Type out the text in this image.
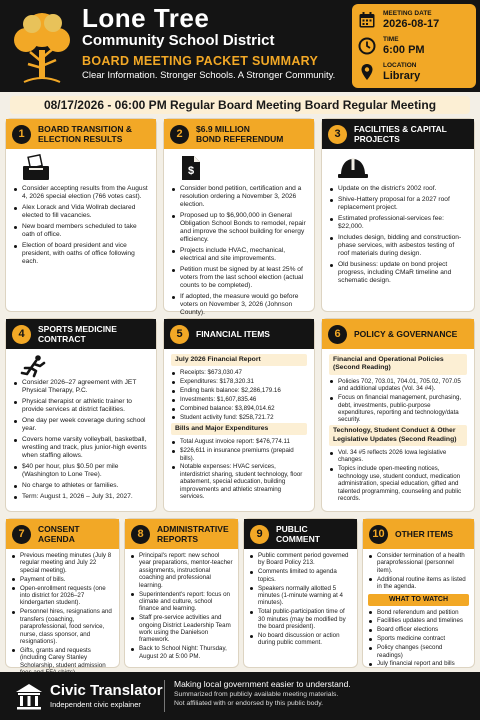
Lone Tree
Community School District
BOARD MEETING PACKET SUMMARY
Clear Information. Stronger Schools. A Stronger Community.
MEETING DATE
2026-08-17
TIME
6:00 PM
LOCATION
Library
08/17/2026 - 06:00 PM Regular Board Meeting Board Regular Meeting
1	BOARD TRANSITION &
ELECTION RESULTS
Consider accepting results from the August 4, 2026 special election (766 votes cast).
Alex Lorack and Vida Wollrab declared elected to fill vacancies.
New board members scheduled to take oath of office.
Election of board president and vice president, with oaths of office following each.
2	$6.9 MILLION
BOND REFERENDUM
$
Consider bond petition, certification and a resolution ordering a November 3, 2026 election.
Proposed up to $6,900,000 in General Obligation School Bonds to remodel, repair and improve the school building for energy efficiency.
Projects include HVAC, mechanical, electrical and site improvements.
Petition must be signed by at least 25% of voters from the last school election (actual counts to be completed).
If adopted, the measure would go before voters on November 3, 2026 (Johnson County).
3	FACILITIES & CAPITAL PROJECTS
Update on the district's 2002 roof.
Shive-Hattery proposal for a 2027 roof replacement project.
Estimated professional-services fee: $22,000.
Includes design, bidding and construction-phase services, with asbestos testing of roof materials during design.
Old business: update on bond project progress, including CMaR timeline and schematic design.
4	SPORTS MEDICINE CONTRACT
Consider 2026–27 agreement with JET Physical Therapy, P.C.
Physical therapist or athletic trainer to provide services at district facilities.
One day per week coverage during school year.
Covers home varsity volleyball, basketball, wrestling and track, plus junior-high events when staffing allows.
$40 per hour, plus $0.50 per mile (Washington to Lone Tree).
No charge to athletes or families.
Term: August 1, 2026 – July 31, 2027.
5	FINANCIAL ITEMS
July 2026 Financial Report
Receipts: $673,030.47
Expenditures: $178,320.31
Ending bank balance: $2,286,179.16
Investments: $1,607,835.46
Combined balance: $3,894,014.62
Student activity fund: $258,721.72
Bills and Major Expenditures
Total August invoice report: $476,774.11
$226,611 in insurance premiums (prepaid bills).
Notable expenses: HVAC services, interdistrict sharing, student technology, floor abatement, special education, building improvements and athletic streaming services.
6	POLICY & GOVERNANCE
Financial and Operational Policies
(Second Reading)
Policies 702, 703.01, 704.01, 705.02, 707.05 and additional updates (Vol. 34 #4).
Focus on financial management, purchasing, debt, investments, public-purpose expenditures, reporting and technology/data security.
Technology, Student Conduct & Other
Legislative Updates (Second Reading)
Vol. 34 #5 reflects 2026 Iowa legislative changes.
Topics include open-meeting notices, technology use, student conduct, medication administration, special education, gifted and talented programming, counseling and public records.
7	CONSENT AGENDA
Previous meeting minutes (July 8 regular meeting and July 22 special meeting).
Payment of bills.
Open-enrollment requests (one into district for 2026–27 kindergarten student).
Personnel hires, resignations and transfers (coaching, paraprofessional, food service, nurse, class sponsor, and resignations).
Gifts, grants and requests (including Carey Stanley Scholarship, student admission
8	ADMINISTRATIVE REPORTS
Principal's report: new school year preparations, mentor-teacher assignments, instructional coaching and professional learning.
Superintendent's report: focus on climate and culture, school finance and learning.
Staff pre-service activities and ongoing District Leadership Team work using the Danielson framework.
Back to School Night: Thursday, August 20 at 5:00 PM.
9	PUBLIC COMMENT
Public comment period governed by Board Policy 213.
Comments limited to agenda topics.
Speakers normally allotted 5 minutes (1-minute warning at 4 minutes).
Total public-participation time of 30 minutes (may be modified by the board president).
No board discussion or action during public comment.
10	OTHER ITEMS
Consider termination of a health paraprofessional (personnel item).
Additional routine items as listed in the agenda.
WHAT TO WATCH
Bond referendum and petition
Facilities updates and timelines
Board officer elections
Sports medicine contract
Policy changes (second readings)
July financial report and bills
Civic Translator
Independent civic explainer
Making local government easier to understand.
Summarized from publicly available meeting materials.
Not affiliated with or endorsed by this public body.
